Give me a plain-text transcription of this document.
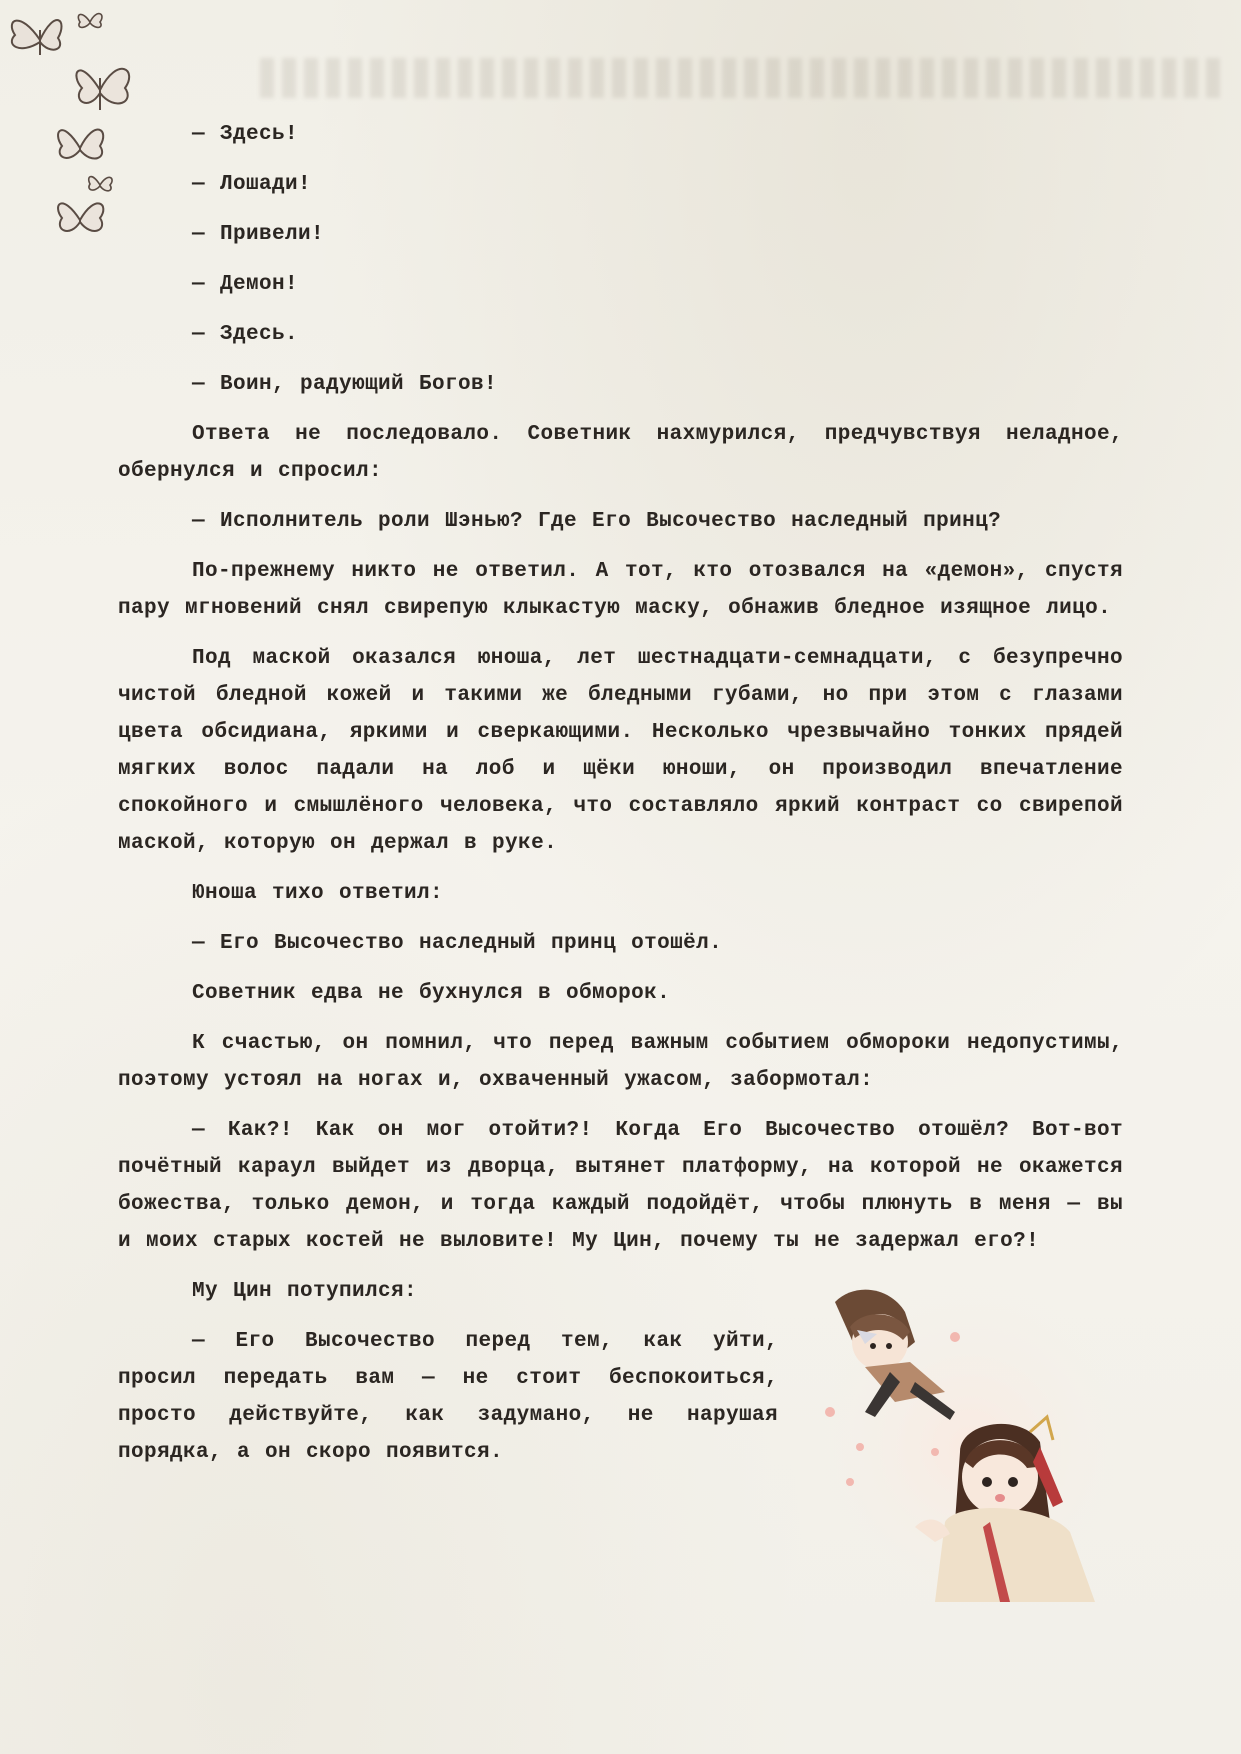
— Здесь!

— Лошади!

— Привели!

— Демон!

— Здесь.

— Воин, радующий Богов!

Ответа не последовало. Советник нахмурился, предчувствуя неладное, обернулся и спросил:

— Исполнитель роли Шэнью? Где Его Высочество наследный принц?

По-прежнему никто не ответил. А тот, кто отозвался на «демон», спустя пару мгновений снял свирепую клыкастую маску, обнажив бледное изящное лицо.

Под маской оказался юноша, лет шестнадцати-семнадцати, с безупречно чистой бледной кожей и такими же бледными губами, но при этом с глазами цвета обсидиана, яркими и сверкающими. Несколько чрезвычайно тонких прядей мягких волос падали на лоб и щёки юноши, он производил впечатление спокойного и смышлёного человека, что составляло яркий контраст со свирепой маской, которую он держал в руке.

Юноша тихо ответил:

— Его Высочество наследный принц отошёл.

Советник едва не бухнулся в обморок.

К счастью, он помнил, что перед важным событием обмороки недопустимы, поэтому устоял на ногах и, охваченный ужасом, забормотал:

— Как?! Как он мог отойти?! Когда Его Высочество отошёл? Вот-вот почётный караул выйдет из дворца, вытянет платформу, на которой не окажется божества, только демон, и тогда каждый подойдёт, чтобы плюнуть в меня — вы и моих старых костей не выловите! Му Цин, почему ты не задержал его?!

Му Цин потупился:

— Его Высочество перед тем, как уйти, просил передать вам — не стоит беспокоиться, просто действуйте, как задумано, не нарушая порядка, а он скоро появится.
